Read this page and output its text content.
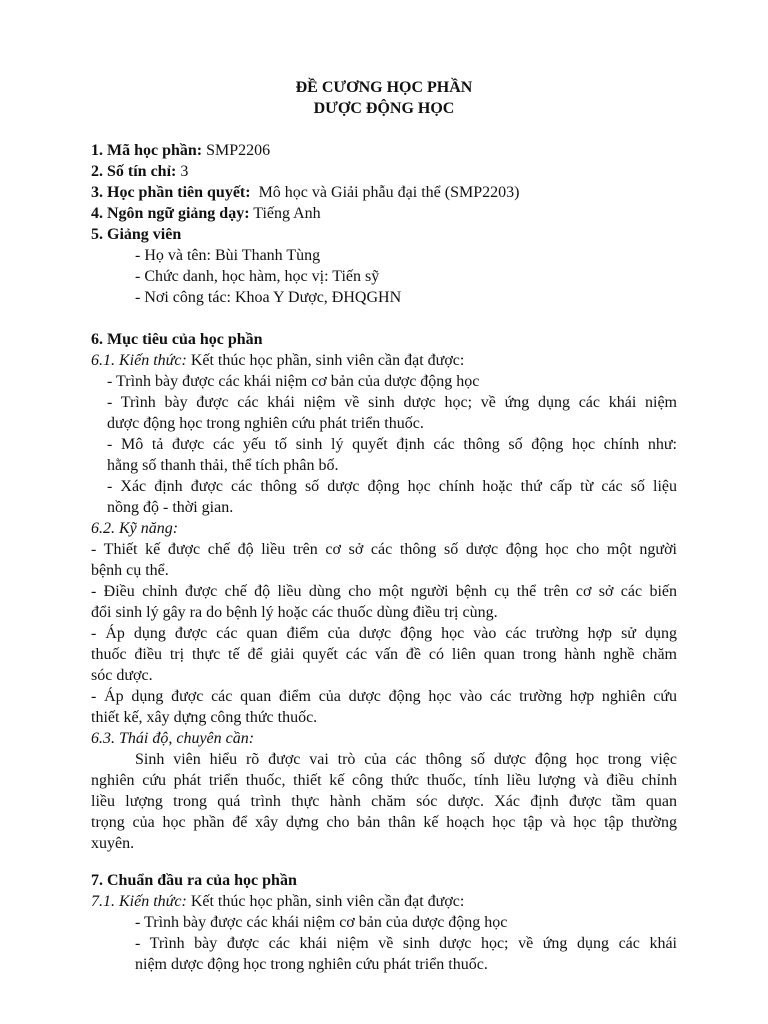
ĐỀ CƯƠNG HỌC PHẦN
DƯỢC ĐỘNG HỌC
1. Mã học phần: SMP2206
2. Số tín chỉ: 3
3. Học phần tiên quyết:  Mô học và Giải phẫu đại thể (SMP2203)
4. Ngôn ngữ giảng dạy: Tiếng Anh
5. Giảng viên
- Họ và tên: Bùi Thanh Tùng
- Chức danh, học hàm, học vị: Tiến sỹ
- Nơi công tác: Khoa Y Dược, ĐHQGHN
6. Mục tiêu của học phần
6.1. Kiến thức: Kết thúc học phần, sinh viên cần đạt được:
- Trình bày được các khái niệm cơ bản của dược động học
- Trình bày được các khái niệm về sinh dược học; về ứng dụng các khái niệm
dược động học trong nghiên cứu phát triển thuốc.
- Mô tả được các yếu tố sinh lý quyết định các thông số động học chính như:
hằng số thanh thải, thể tích phân bố.
- Xác định được các thông số dược động học chính hoặc thứ cấp từ các số liệu
nồng độ - thời gian.
6.2. Kỹ năng:
- Thiết kế được chế độ liều trên cơ sở các thông số dược động học cho một người
bệnh cụ thể.
- Điều chỉnh được chế độ liều dùng cho một người bệnh cụ thể trên cơ sở các biến
đổi sinh lý gây ra do bệnh lý hoặc các thuốc dùng điều trị cùng.
- Áp dụng được các quan điểm của dược động học vào các trường hợp sử dụng
thuốc điều trị thực tế để giải quyết các vấn đề có liên quan trong hành nghề chăm
sóc dược.
- Áp dụng được các quan điểm của dược động học vào các trường hợp nghiên cứu
thiết kế, xây dựng công thức thuốc.
6.3. Thái độ, chuyên cần:
Sinh viên hiểu rõ được vai trò của các thông số dược động học trong việc
nghiên cứu phát triển thuốc, thiết kế công thức thuốc, tính liều lượng và điều chỉnh
liều lượng trong quá trình thực hành chăm sóc dược. Xác định được tầm quan
trọng của học phần để xây dựng cho bản thân kế hoạch học tập và học tập thường
xuyên.
7. Chuẩn đầu ra của học phần
7.1. Kiến thức: Kết thúc học phần, sinh viên cần đạt được:
- Trình bày được các khái niệm cơ bản của dược động học
- Trình bày được các khái niệm về sinh dược học; về ứng dụng các khái
niệm dược động học trong nghiên cứu phát triển thuốc.
